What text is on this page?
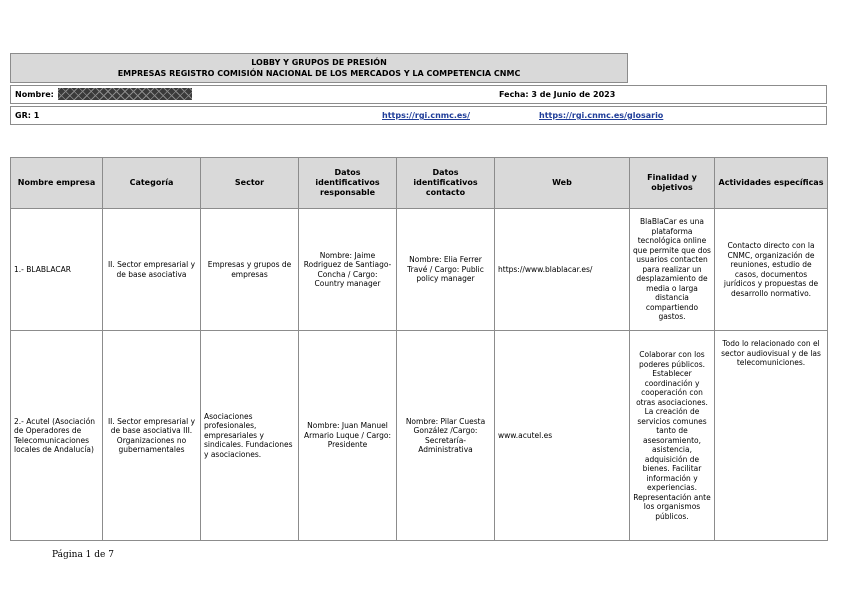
LOBBY Y GRUPOS DE PRESIÓN
EMPRESAS REGISTRO COMISIÓN NACIONAL DE LOS MERCADOS Y LA COMPETENCIA CNMC
Nombre:	Fecha: 3 de Junio de 2023
GR: 1	https://rgi.cnmc.es/	https://rgi.cnmc.es/glosario
Nombre empresa	Categoría	Sector	Datos identificativos responsable	Datos identificativos contacto	Web	Finalidad y objetivos	Actividades específicas
1.- BLABLACAR	II. Sector empresarial y de base asociativa	Empresas y grupos de empresas	Nombre: Jaime Rodriguez de Santiago-Concha / Cargo: Country manager	Nombre: Elia Ferrer Travé / Cargo: Public policy manager	https://www.blablacar.es/	BlaBlaCar es una plataforma tecnológica online que permite que dos usuarios contacten para realizar un desplazamiento de media o larga distancia compartiendo gastos.	Contacto directo con la CNMC, organización de reuniones, estudio de casos, documentos jurídicos y propuestas de desarrollo normativo.
2.- Acutel (Asociación de Operadores de Telecomunicaciones locales de Andalucía)	II. Sector empresarial y de base asociativa III. Organizaciones no gubernamentales	Asociaciones profesionales, empresariales y sindicales. Fundaciones y asociaciones.	Nombre: Juan Manuel Armario Luque / Cargo: Presidente	Nombre: Pilar Cuesta González /Cargo: Secretaría-Administrativa	www.acutel.es	Colaborar con los poderes públicos. Establecer coordinación y cooperación con otras asociaciones. La creación de servicios comunes tanto de asesoramiento, asistencia, adquisición de bienes. Facilitar información y experiencias. Representación ante los organismos públicos.	Todo lo relacionado con el sector audiovisual y de las telecomuniciones.
Página 1 de 7
